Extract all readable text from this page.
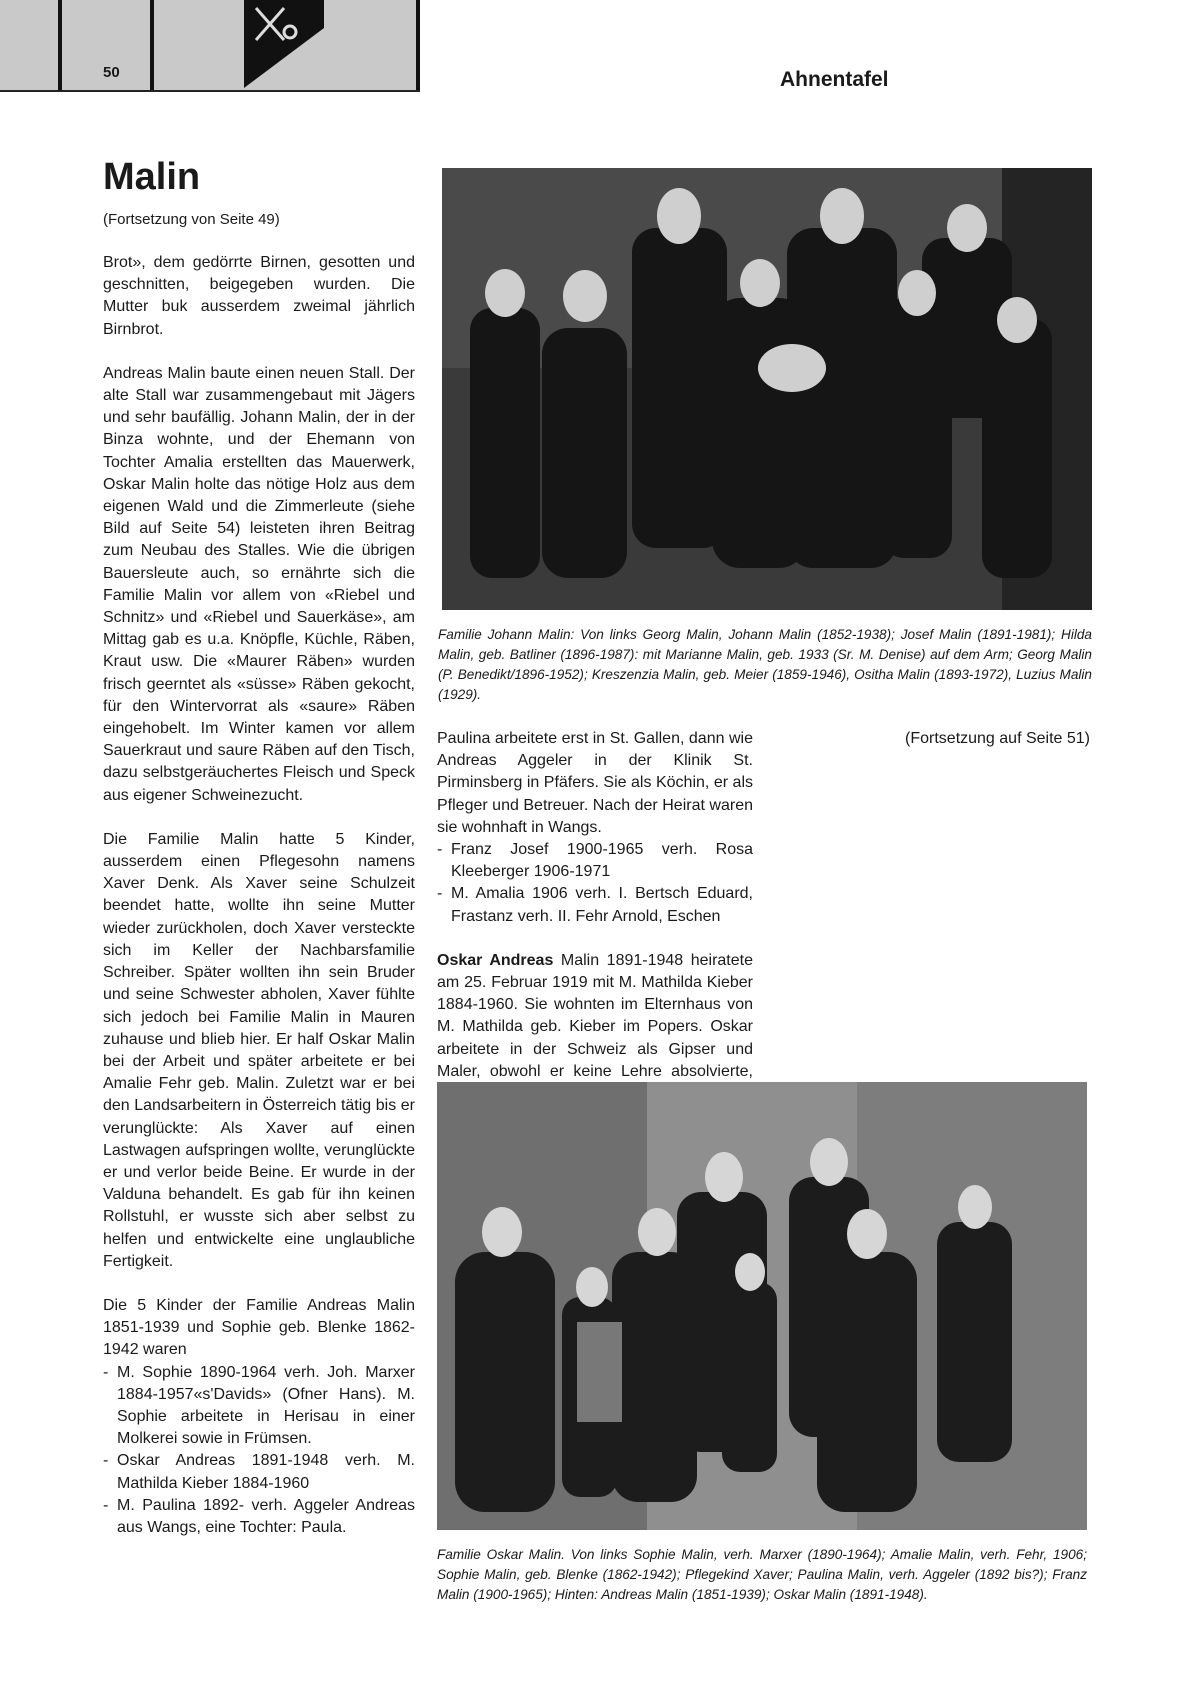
50	Ahnentafel
Malin
(Fortsetzung von Seite 49)

Brot», dem gedörrte Birnen, gesotten und geschnitten, beigegeben wurden. Die Mutter buk ausserdem zweimal jährlich Birnbrot.

Andreas Malin baute einen neuen Stall. Der alte Stall war zusammengebaut mit Jägers und sehr baufällig. Johann Malin, der in der Binza wohnte, und der Ehemann von Tochter Amalia erstellten das Mauerwerk, Oskar Malin holte das nötige Holz aus dem eigenen Wald und die Zimmerleute (siehe Bild auf Seite 54) leisteten ihren Beitrag zum Neubau des Stalles. Wie die übrigen Bauersleute auch, so ernährte sich die Familie Malin vor allem von «Riebel und Schnitz» und «Riebel und Sauerkäse», am Mittag gab es u.a. Knöpfle, Küchle, Räben, Kraut usw. Die «Maurer Räben» wurden frisch geerntet als «süsse» Räben gekocht, für den Wintervorrat als «saure» Räben eingehobelt. Im Winter kamen vor allem Sauerkraut und saure Räben auf den Tisch, dazu selbstgeräuchertes Fleisch und Speck aus eigener Schweinezucht.

Die Familie Malin hatte 5 Kinder, ausserdem einen Pflegesohn namens Xaver Denk. Als Xaver seine Schulzeit beendet hatte, wollte ihn seine Mutter wieder zurückholen, doch Xaver versteckte sich im Keller der Nachbarsfamilie Schreiber. Später wollten ihn sein Bruder und seine Schwester abholen, Xaver fühlte sich jedoch bei Familie Malin in Mauren zuhause und blieb hier. Er half Oskar Malin bei der Arbeit und später arbeitete er bei Amalie Fehr geb. Malin. Zuletzt war er bei den Landsarbeitern in Österreich tätig bis er verunglückte: Als Xaver auf einen Lastwagen aufspringen wollte, verunglückte er und verlor beide Beine. Er wurde in der Valduna behandelt. Es gab für ihn keinen Rollstuhl, er wusste sich aber selbst zu helfen und entwickelte eine unglaubliche Fertigkeit.

Die 5 Kinder der Familie Andreas Malin 1851-1939 und Sophie geb. Blenke 1862-1942 waren

- M. Sophie 1890-1964 verh. Joh. Marxer 1884-1957«s'Davids» (Ofner Hans). M. Sophie arbeitete in Herisau in einer Molkerei sowie in Frümsen.
- Oskar Andreas 1891-1948 verh. M. Mathilda Kieber 1884-1960
- M. Paulina 1892- verh. Aggeler Andreas aus Wangs, eine Tochter: Paula.
Familie Johann Malin: Von links Georg Malin, Johann Malin (1852-1938); Josef Malin (1891-1981); Hilda Malin, geb. Batliner (1896-1987): mit Marianne Malin, geb. 1933 (Sr. M. Denise) auf dem Arm; Georg Malin (P. Benedikt/1896-1952); Kreszenzia Malin, geb. Meier (1859-1946), Ositha Malin (1893-1972), Luzius Malin (1929).

Paulina arbeitete erst in St. Gallen, dann wie Andreas Aggeler in der Klinik St. Pirminsberg in Pfäfers. Sie als Köchin, er als Pfleger und Betreuer. Nach der Heirat waren sie wohnhaft in Wangs.

- Franz Josef 1900-1965 verh. Rosa Kleeberger 1906-1971
- M. Amalia 1906 verh. I. Bertsch Eduard, Frastanz verh. II. Fehr Arnold, Eschen

Oskar Andreas Malin 1891-1948 heiratete am 25. Februar 1919 mit M. Mathilda Kieber 1884-1960. Sie wohnten im Elternhaus von M. Mathilda geb. Kieber im Popers. Oskar arbeitete in der Schweiz als Gipser und Maler, obwohl er keine Lehre absolvierte,

(Fortsetzung auf Seite 51)

Familie Oskar Malin. Von links Sophie Malin, verh. Marxer (1890-1964); Amalie Malin, verh. Fehr, 1906; Sophie Malin, geb. Blenke (1862-1942); Pflegekind Xaver; Paulina Malin, verh. Aggeler (1892 bis?); Franz Malin (1900-1965); Hinten: Andreas Malin (1851-1939); Oskar Malin (1891-1948).
